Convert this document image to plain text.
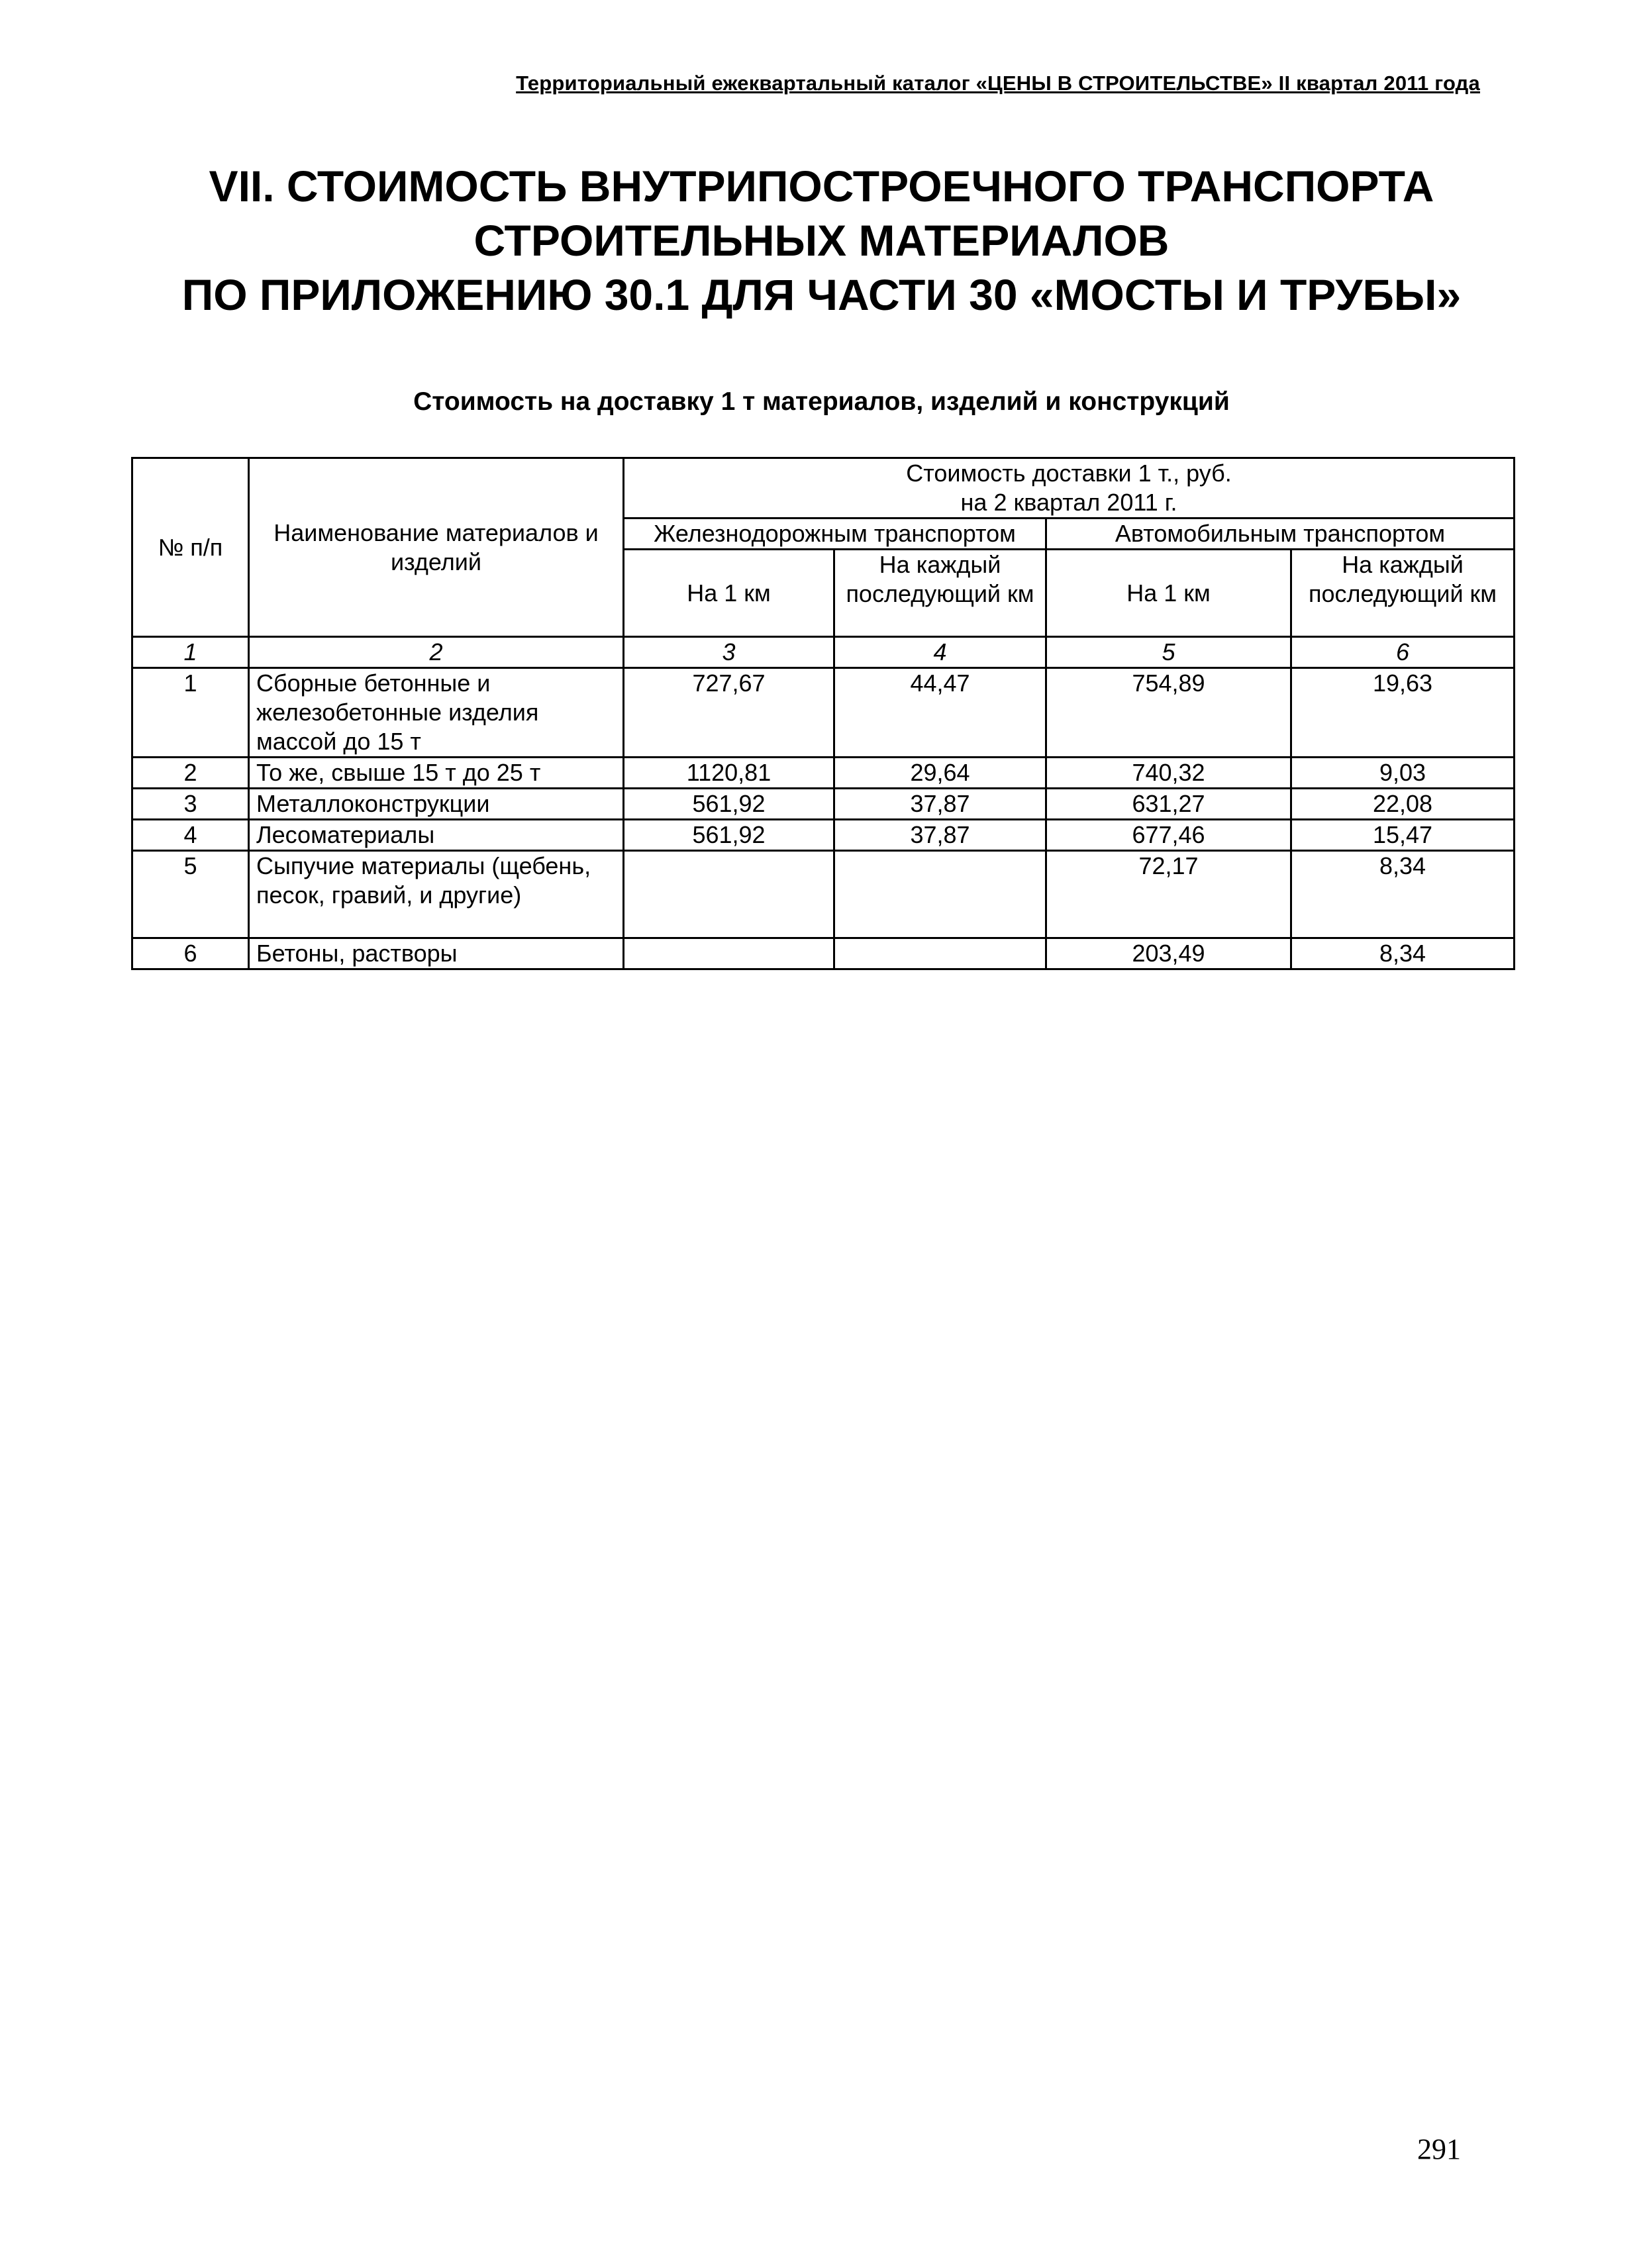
Территориальный ежеквартальный каталог «ЦЕНЫ В СТРОИТЕЛЬСТВЕ» II квартал 2011 года
VII. СТОИМОСТЬ ВНУТРИПОСТРОЕЧНОГО ТРАНСПОРТА
СТРОИТЕЛЬНЫХ МАТЕРИАЛОВ
ПО ПРИЛОЖЕНИЮ 30.1 ДЛЯ ЧАСТИ 30 «МОСТЫ И ТРУБЫ»
Стоимость на доставку 1 т материалов, изделий и конструкций
№ п/п	Наименование материалов и изделий	Стоимость доставки 1 т., руб.
на 2 квартал 2011 г.			

		Железнодорожным транспортом		Автомобильным транспортом	
		На 1 км	На каждый последующий км	На 1 км	На каждый последующий км
1	2	3	4	5	6
1	Сборные бетонные и железобетонные изделия массой до 15 т	727,67	44,47	754,89	19,63
2	То же, свыше 15 т до 25 т	1120,81	29,64	740,32	9,03
3	Металлоконструкции	561,92	37,87	631,27	22,08
4	Лесоматериалы	561,92	37,87	677,46	15,47
5	Сыпучие материалы (щебень, песок, гравий, и другие)			72,17	8,34
6	Бетоны, растворы			203,49	8,34
291
